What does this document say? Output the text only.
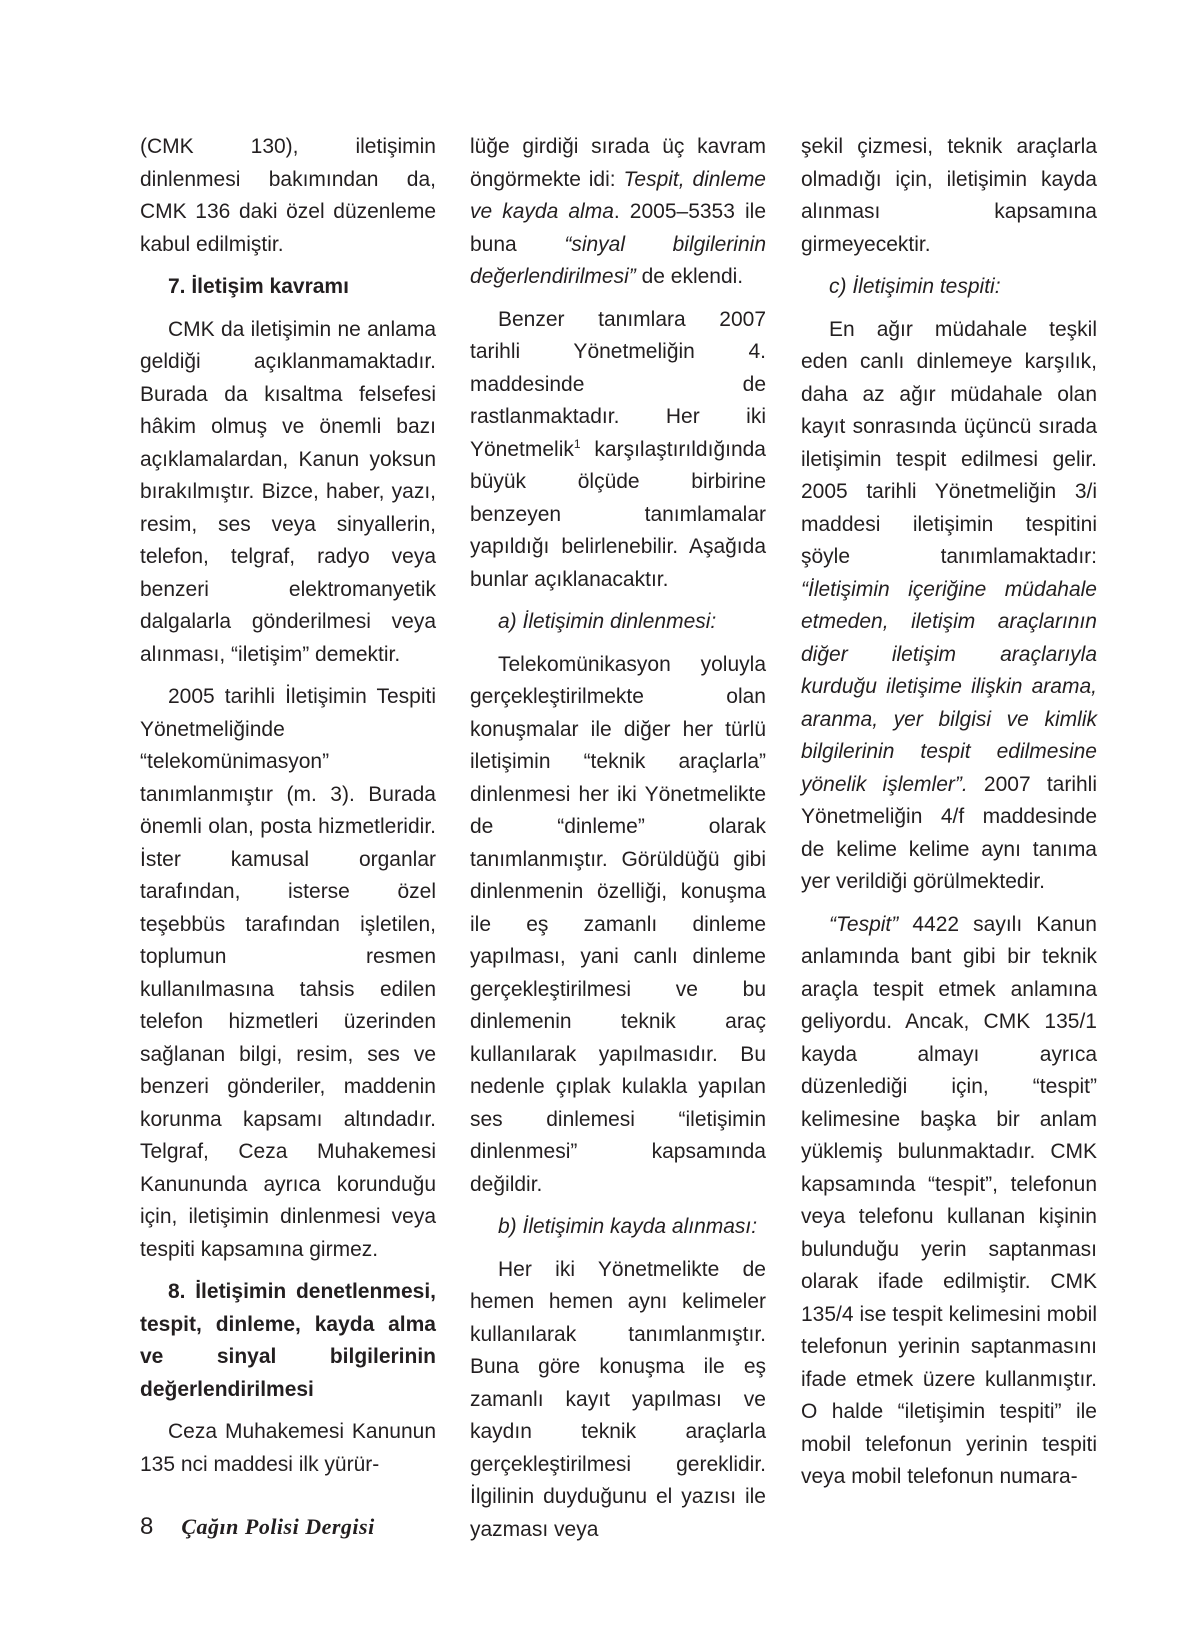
(CMK 130), iletişimin dinlenmesi bakımından da, CMK 136 daki özel düzenleme kabul edilmiştir.

7. İletişim kavramı

CMK da iletişimin ne anlama geldiği açıklanmamaktadır. Burada da kısaltma felsefesi hâkim olmuş ve önemli bazı açıklamalardan, Kanun yoksun bırakılmıştır. Bizce, haber, yazı, resim, ses veya sinyallerin, telefon, telgraf, radyo veya benzeri elektromanyetik dalgalarla gönderilmesi veya alınması, “iletişim” demektir.

2005 tarihli İletişimin Tespiti Yönetmeliğinde “telekomünimasyon” tanımlanmıştır (m. 3). Burada önemli olan, posta hizmetleridir. İster kamusal organlar tarafından, isterse özel teşebbüs tarafından işletilen, toplumun resmen kullanılmasına tahsis edilen telefon hizmetleri üzerinden sağlanan bilgi, resim, ses ve benzeri gönderiler, maddenin korunma kapsamı altındadır. Telgraf, Ceza Muhakemesi Kanununda ayrıca korunduğu için, iletişimin dinlenmesi veya tespiti kapsamına girmez.

8. İletişimin denetlenmesi, tespit, dinleme, kayda alma ve sinyal bilgilerinin değerlendirilmesi

Ceza Muhakemesi Kanunun 135 nci maddesi ilk yürür-

lüğe girdiği sırada üç kavram öngörmekte idi: Tespit, dinleme ve kayda alma. 2005–5353 ile buna “sinyal bilgilerinin değerlendirilmesi” de eklendi.

Benzer tanımlara 2007 tarihli Yönetmeliğin 4. maddesinde de rastlanmaktadır. Her iki Yönetmelik$^1$ karşılaştırıldığında büyük ölçüde birbirine benzeyen tanımlamalar yapıldığı belirlenebilir. Aşağıda bunlar açıklanacaktır.

a) İletişimin dinlenmesi:

Telekomünikasyon yoluyla gerçekleştirilmekte olan konuşmalar ile diğer her türlü iletişimin “teknik araçlarla” dinlenmesi her iki Yönetmelikte de “dinleme” olarak tanımlanmıştır. Görüldüğü gibi dinlenmenin özelliği, konuşma ile eş zamanlı dinleme yapılması, yani canlı dinleme gerçekleştirilmesi ve bu dinlemenin teknik araç kullanılarak yapılmasıdır. Bu nedenle çıplak kulakla yapılan ses dinlemesi “iletişimin dinlenmesi” kapsamında değildir.

b) İletişimin kayda alınması:

Her iki Yönetmelikte de hemen hemen aynı kelimeler kullanılarak tanımlanmıştır. Buna göre konuşma ile eş zamanlı kayıt yapılması ve kaydın teknik araçlarla gerçekleştirilmesi gereklidir. İlgilinin duyduğunu el yazısı ile yazması veya

şekil çizmesi, teknik araçlarla olmadığı için, iletişimin kayda alınması kapsamına girmeyecektir.

c) İletişimin tespiti:

En ağır müdahale teşkil eden canlı dinlemeye karşılık, daha az ağır müdahale olan kayıt sonrasında üçüncü sırada iletişimin tespit edilmesi gelir. 2005 tarihli Yönetmeliğin 3/i maddesi iletişimin tespitini şöyle tanımlamaktadır: “İletişimin içeriğine müdahale etmeden, iletişim araçlarının diğer iletişim araçlarıyla kurduğu iletişime ilişkin arama, aranma, yer bilgisi ve kimlik bilgilerinin tespit edilmesine yönelik işlemler”. 2007 tarihli Yönetmeliğin 4/f maddesinde de kelime kelime aynı tanıma yer verildiği görülmektedir.

“Tespit” 4422 sayılı Kanun anlamında bant gibi bir teknik araçla tespit etmek anlamına geliyordu. Ancak, CMK 135/1 kayda almayı ayrıca düzenlediği için, “tespit” kelimesine başka bir anlam yüklemiş bulunmaktadır. CMK kapsamında “tespit”, telefonun veya telefonu kullanan kişinin bulunduğu yerin saptanması olarak ifade edilmiştir. CMK 135/4 ise tespit kelimesini mobil telefonun yerinin saptanmasını ifade etmek üzere kullanmıştır. O halde “iletişimin tespiti” ile mobil telefonun yerinin tespiti veya mobil telefonun numara-

8 Çağın Polisi Dergisi
